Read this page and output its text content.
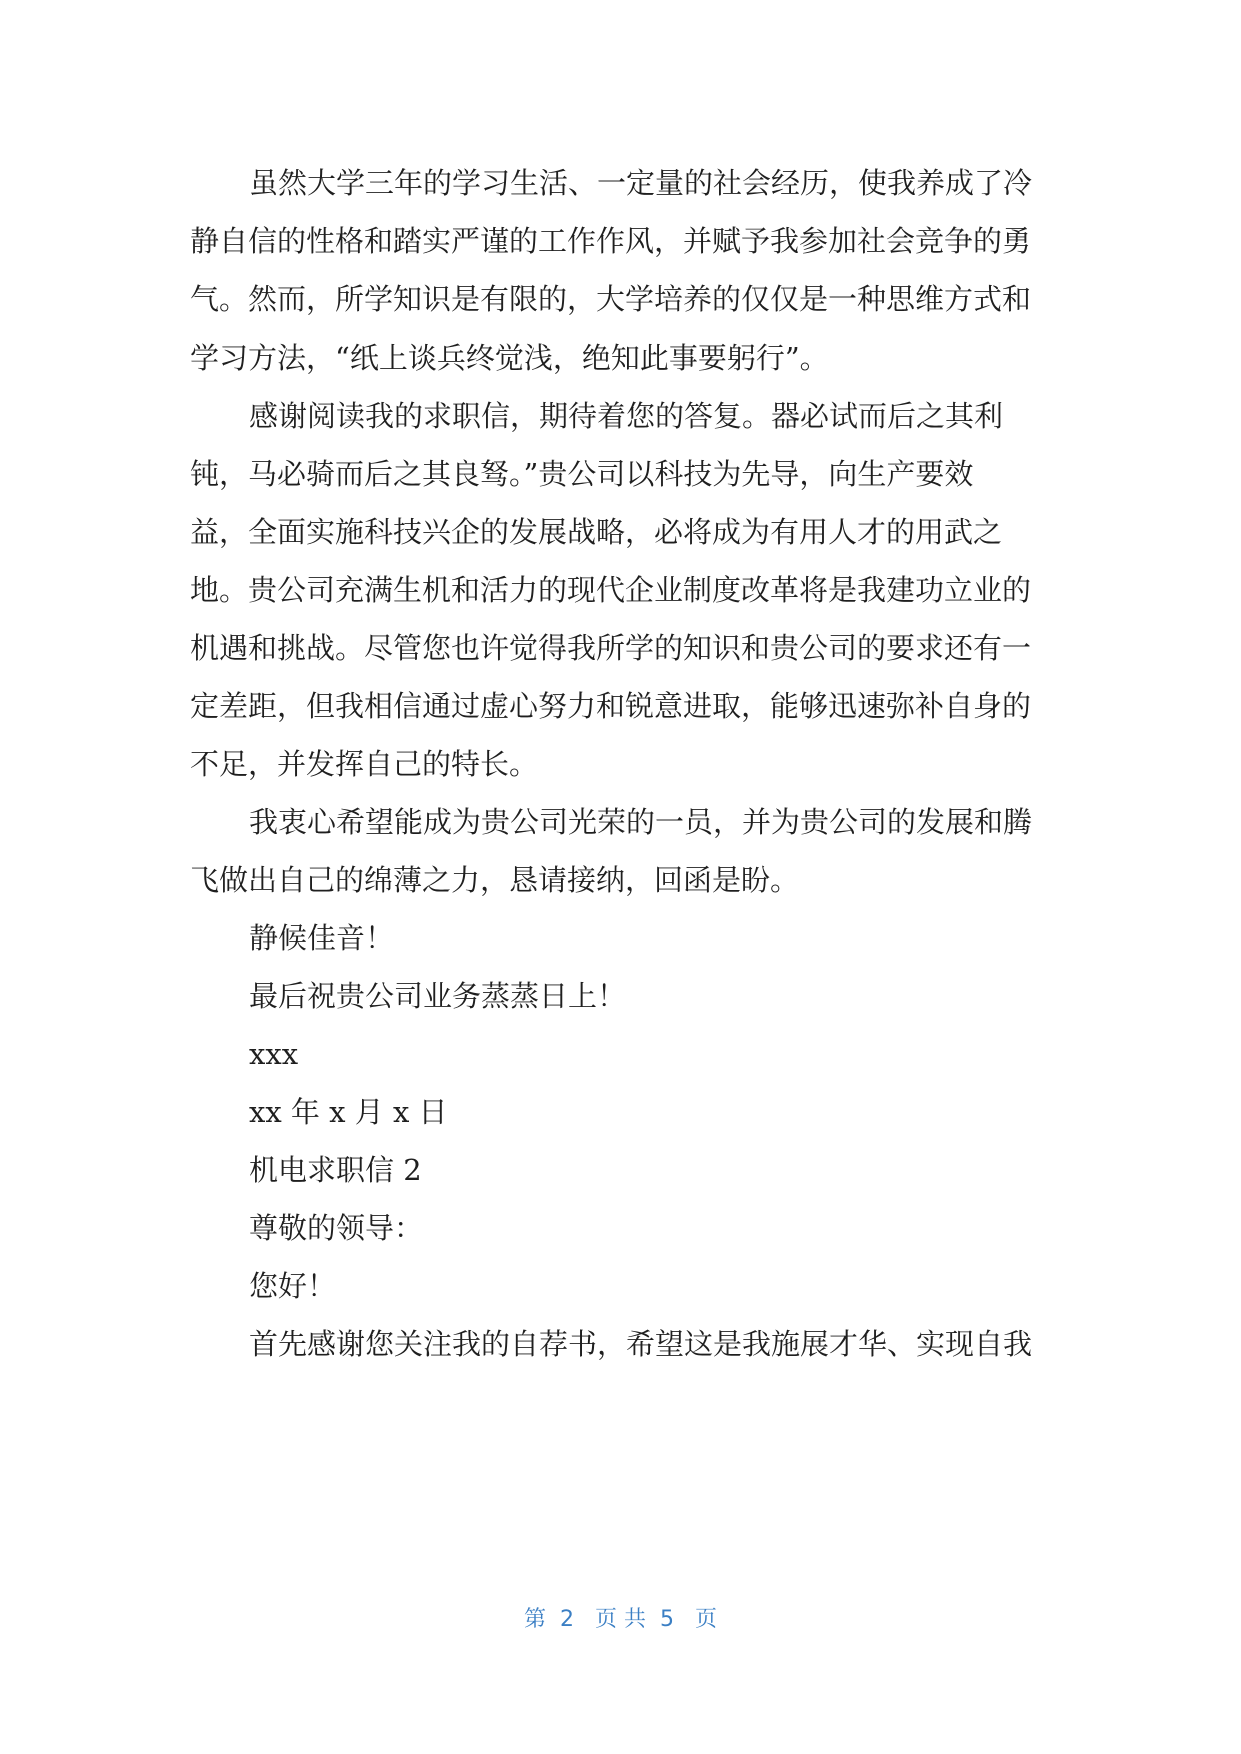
虽然大学三年的学习生活、一定量的社会经历，使我养成了冷

静自信的性格和踏实严谨的工作作风，并赋予我参加社会竞争的勇

气。然而，所学知识是有限的，大学培养的仅仅是一种思维方式和

学习方法，“纸上谈兵终觉浅，绝知此事要躬行”。

感谢阅读我的求职信，期待着您的答复。器必试而后之其利

钝，马必骑而后之其良驽。”贵公司以科技为先导，向生产要效

益，全面实施科技兴企的发展战略，必将成为有用人才的用武之

地。贵公司充满生机和活力的现代企业制度改革将是我建功立业的

机遇和挑战。尽管您也许觉得我所学的知识和贵公司的要求还有一

定差距，但我相信通过虚心努力和锐意进取，能够迅速弥补自身的

不足，并发挥自己的特长。

我衷心希望能成为贵公司光荣的一员，并为贵公司的发展和腾

飞做出自己的绵薄之力，恳请接纳，回函是盼。

静候佳音！

最后祝贵公司业务蒸蒸日上！

xxx

xx 年 x 月 x 日

机电求职信 2

尊敬的领导：

您好！

首先感谢您关注我的自荐书，希望这是我施展才华、实现自我

第  2   页 共  5   页
